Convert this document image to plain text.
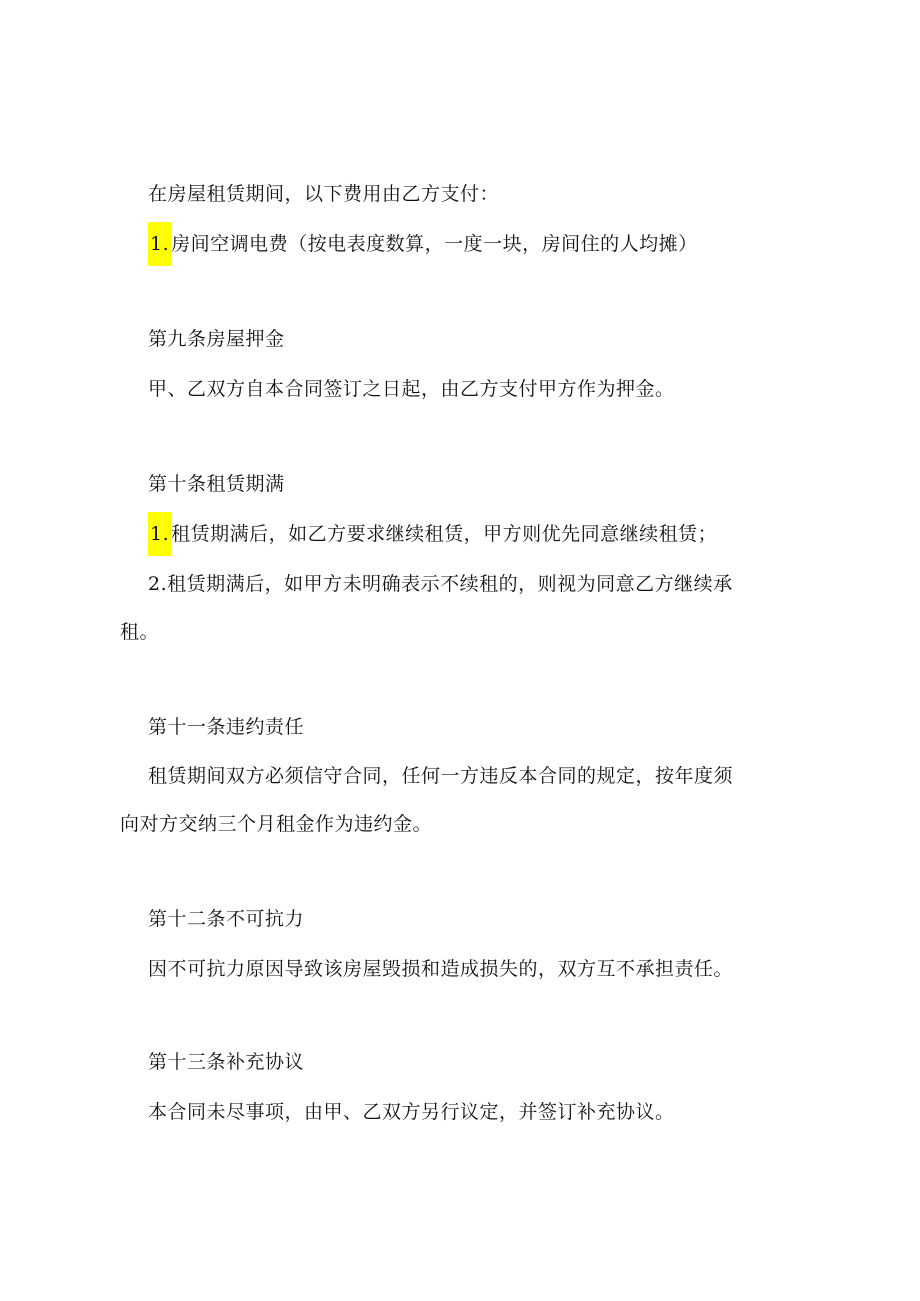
在房屋租赁期间，以下费用由乙方支付：
1. 房间空调电费（按电表度数算，一度一块，房间住的人均摊）
第九条房屋押金
甲、乙双方自本合同签订之日起，由乙方支付甲方作为押金。
第十条租赁期满
1. 租赁期满后，如乙方要求继续租赁，甲方则优先同意继续租赁；
2.租赁期满后，如甲方未明确表示不续租的，则视为同意乙方继续承
租。
第十一条违约责任
租赁期间双方必须信守合同，任何一方违反本合同的规定，按年度须
向对方交纳三个月租金作为违约金。
第十二条不可抗力
因不可抗力原因导致该房屋毁损和造成损失的，双方互不承担责任。
第十三条补充协议
本合同未尽事项，由甲、乙双方另行议定，并签订补充协议。
